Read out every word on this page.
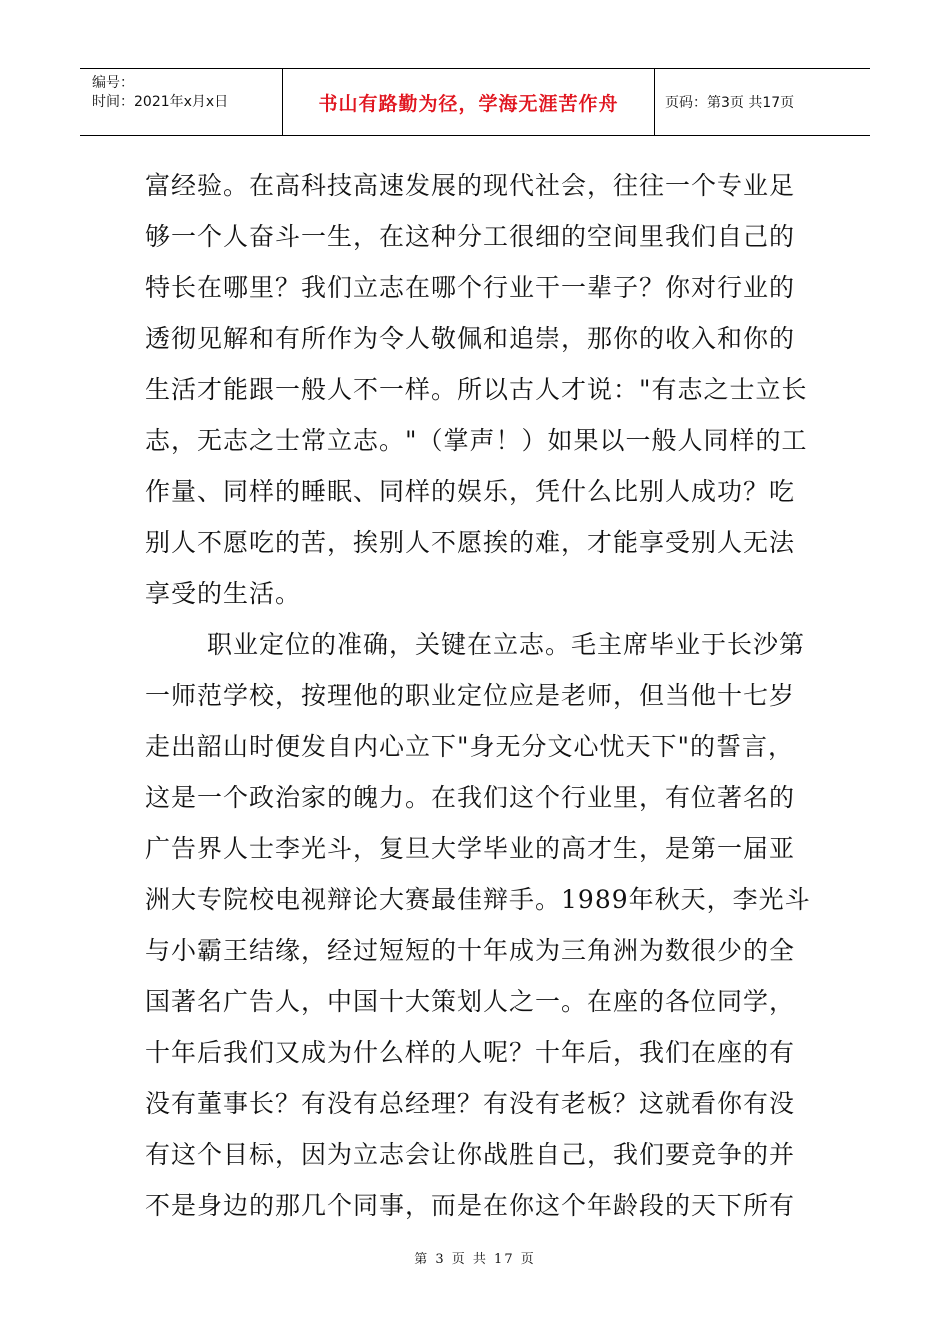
编号：
时间：2021年x月x日	书山有路勤为径，学海无涯苦作舟	页码：第3页 共17页
富经验。在高科技高速发展的现代社会，往往一个专业足
够一个人奋斗一生，在这种分工很细的空间里我们自己的
特长在哪里？我们立志在哪个行业干一辈子？你对行业的
透彻见解和有所作为令人敬佩和追崇，那你的收入和你的
生活才能跟一般人不一样。所以古人才说："有志之士立长
志，无志之士常立志。"（掌声！）如果以一般人同样的工
作量、同样的睡眠、同样的娱乐，凭什么比别人成功？吃
别人不愿吃的苦，挨别人不愿挨的难，才能享受别人无法
享受的生活。
职业定位的准确，关键在立志。毛主席毕业于长沙第
一师范学校，按理他的职业定位应是老师，但当他十七岁
走出韶山时便发自内心立下"身无分文心忧天下"的誓言，
这是一个政治家的魄力。在我们这个行业里，有位著名的
广告界人士李光斗，复旦大学毕业的高才生，是第一届亚
洲大专院校电视辩论大赛最佳辩手。1989年秋天，李光斗
与小霸王结缘，经过短短的十年成为三角洲为数很少的全
国著名广告人，中国十大策划人之一。在座的各位同学，
十年后我们又成为什么样的人呢？十年后，我们在座的有
没有董事长？有没有总经理？有没有老板？这就看你有没
有这个目标，因为立志会让你战胜自己，我们要竞争的并
不是身边的那几个同事，而是在你这个年龄段的天下所有
第 3 页 共 17 页
